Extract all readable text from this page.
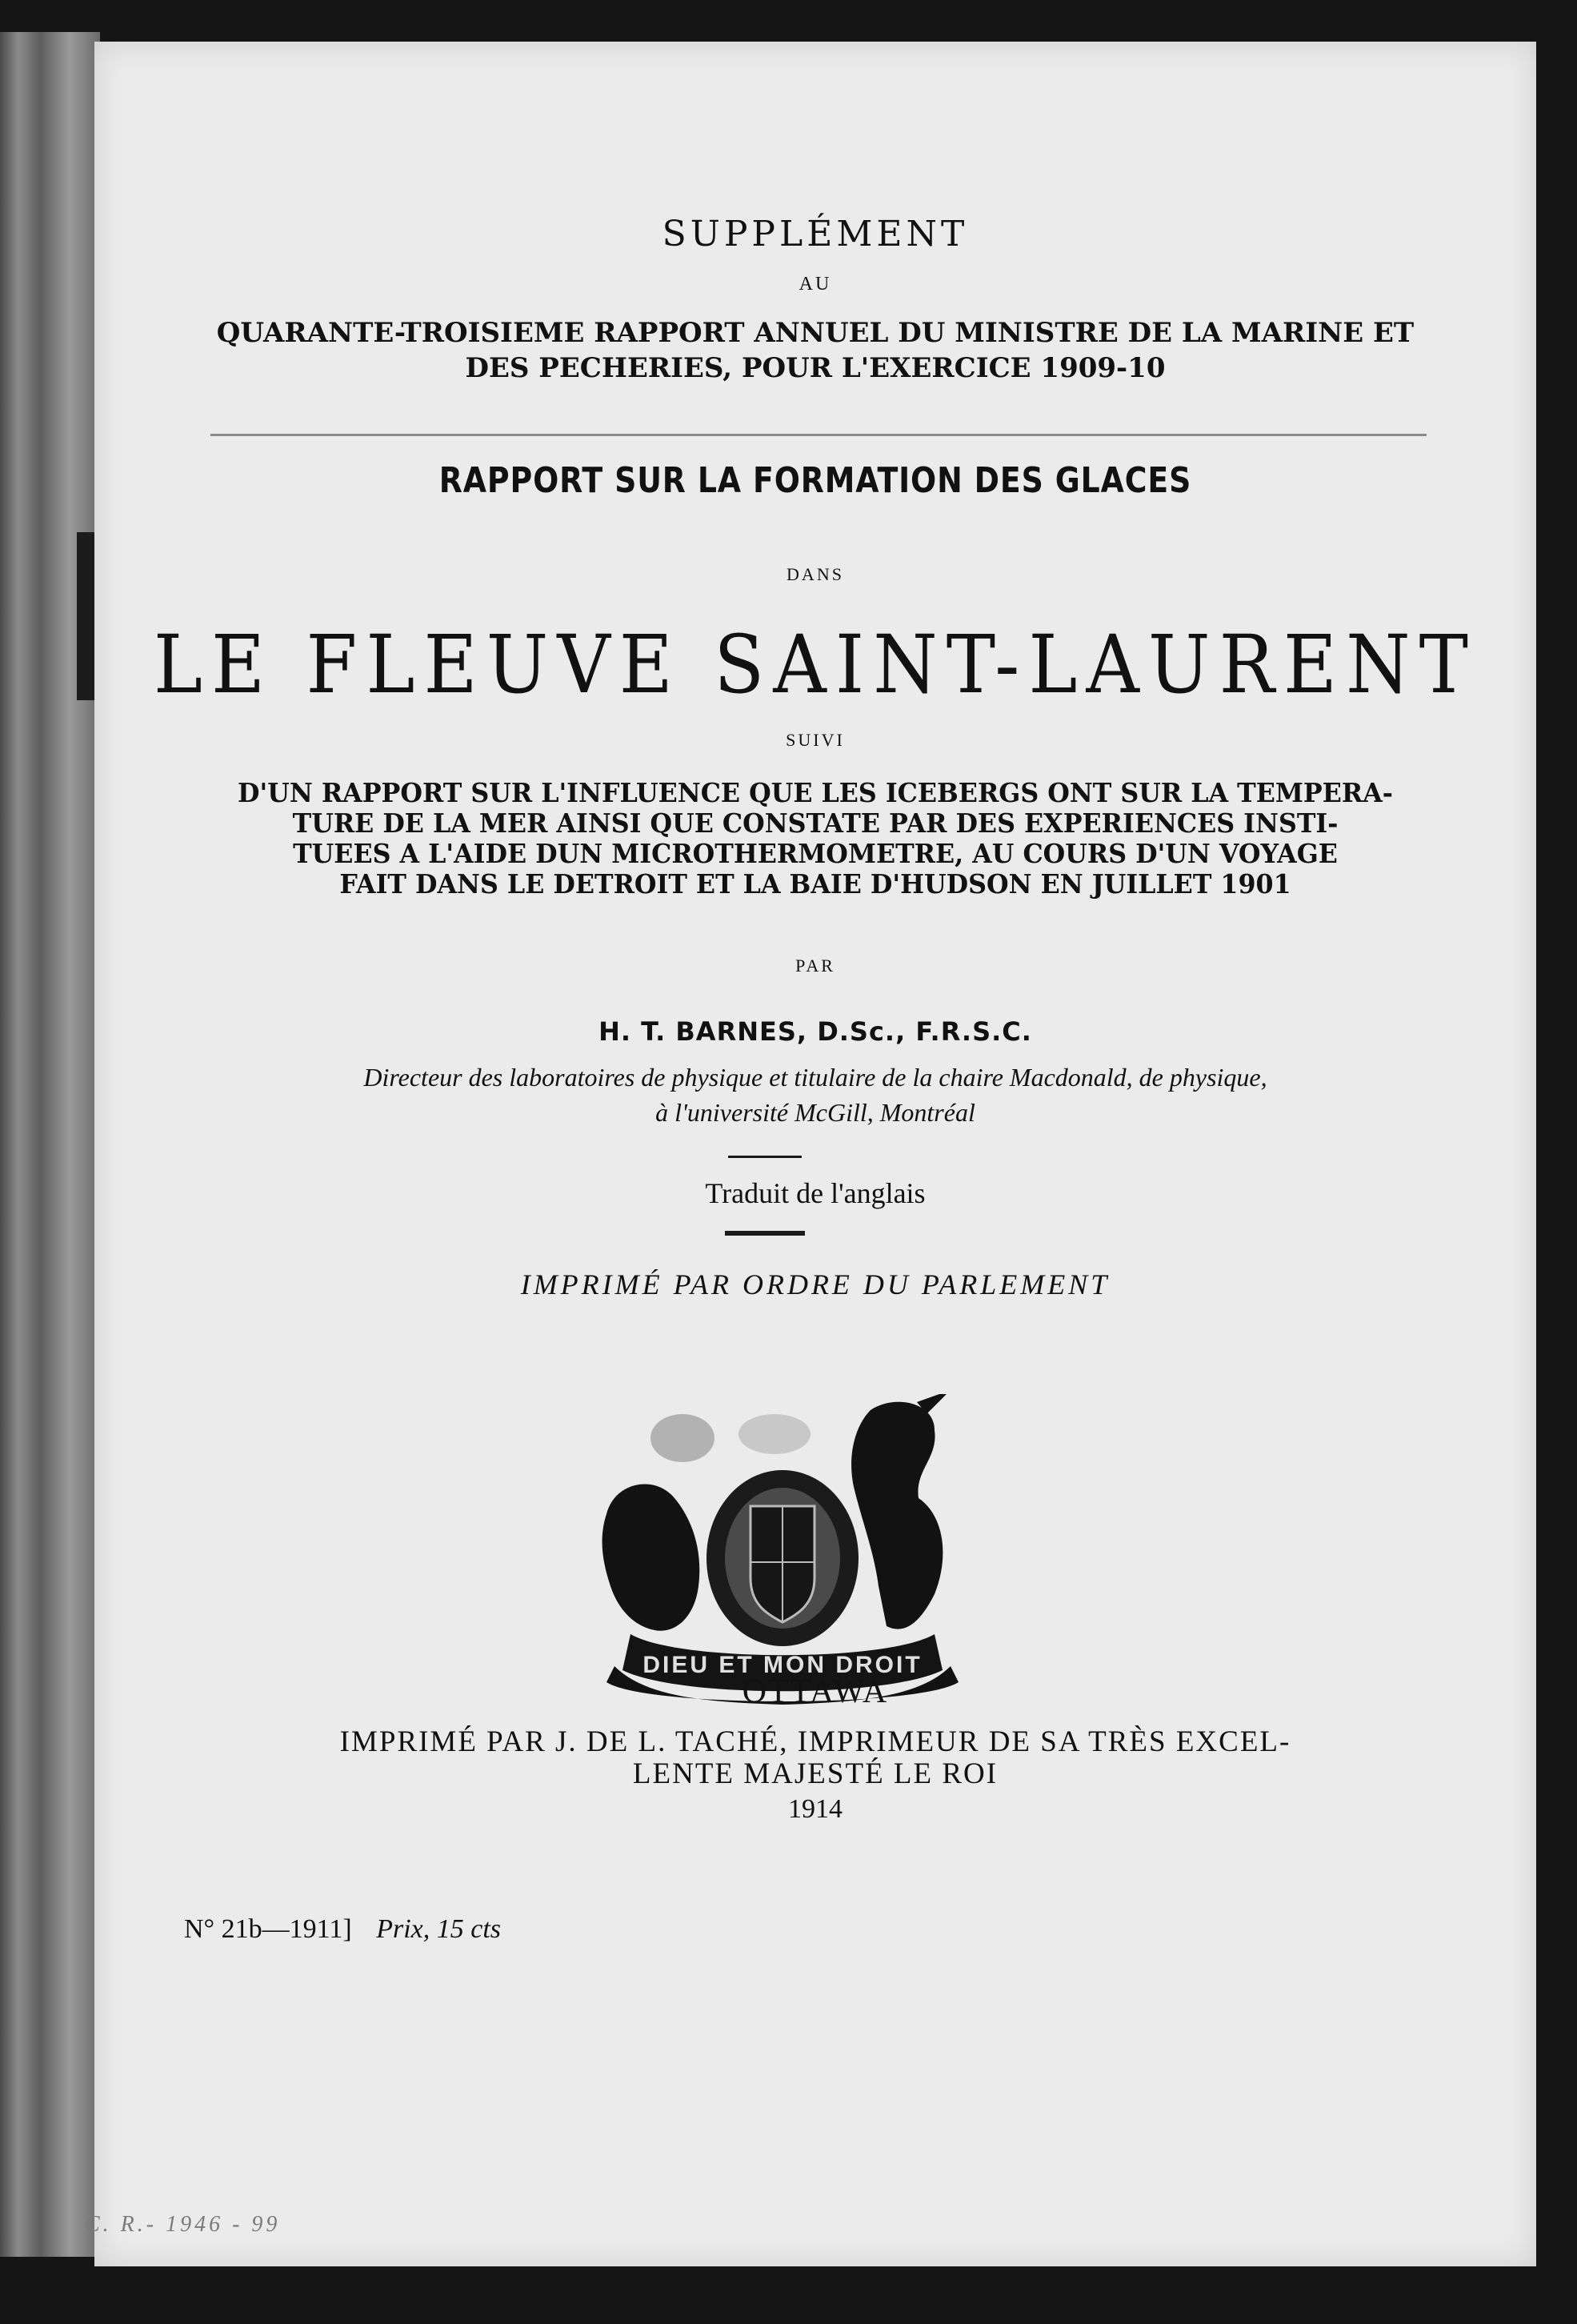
SUPPLÉMENT
AU
QUARANTE-TROISIEME RAPPORT ANNUEL DU MINISTRE DE LA MARINE ET
DES PECHERIES, POUR L'EXERCICE 1909-10
RAPPORT SUR LA FORMATION DES GLACES
DANS
LE FLEUVE SAINT-LAURENT
SUIVI
D'UN RAPPORT SUR L'INFLUENCE QUE LES ICEBERGS ONT SUR LA TEMPERA-
TURE DE LA MER AINSI QUE CONSTATE PAR DES EXPERIENCES INSTI-
TUEES A L'AIDE DUN MICROTHERMOMETRE, AU COURS D'UN VOYAGE
FAIT DANS LE DETROIT ET LA BAIE D'HUDSON EN JUILLET 1901
PAR
H. T. BARNES, D.Sc., F.R.S.C.
Directeur des laboratoires de physique et titulaire de la chaire Macdonald, de physique,
à l'université McGill, Montréal
Traduit de l'anglais
IMPRIMÉ PAR ORDRE DU PARLEMENT
DIEU ET MON DROIT
OTTAWA
IMPRIMÉ PAR J. DE L. TACHÉ, IMPRIMEUR DE SA TRÈS EXCEL-
LENTE MAJESTÉ LE ROI
1914
N° 21b—1911] Prix, 15 cts
C. R.- 1946 - 99
